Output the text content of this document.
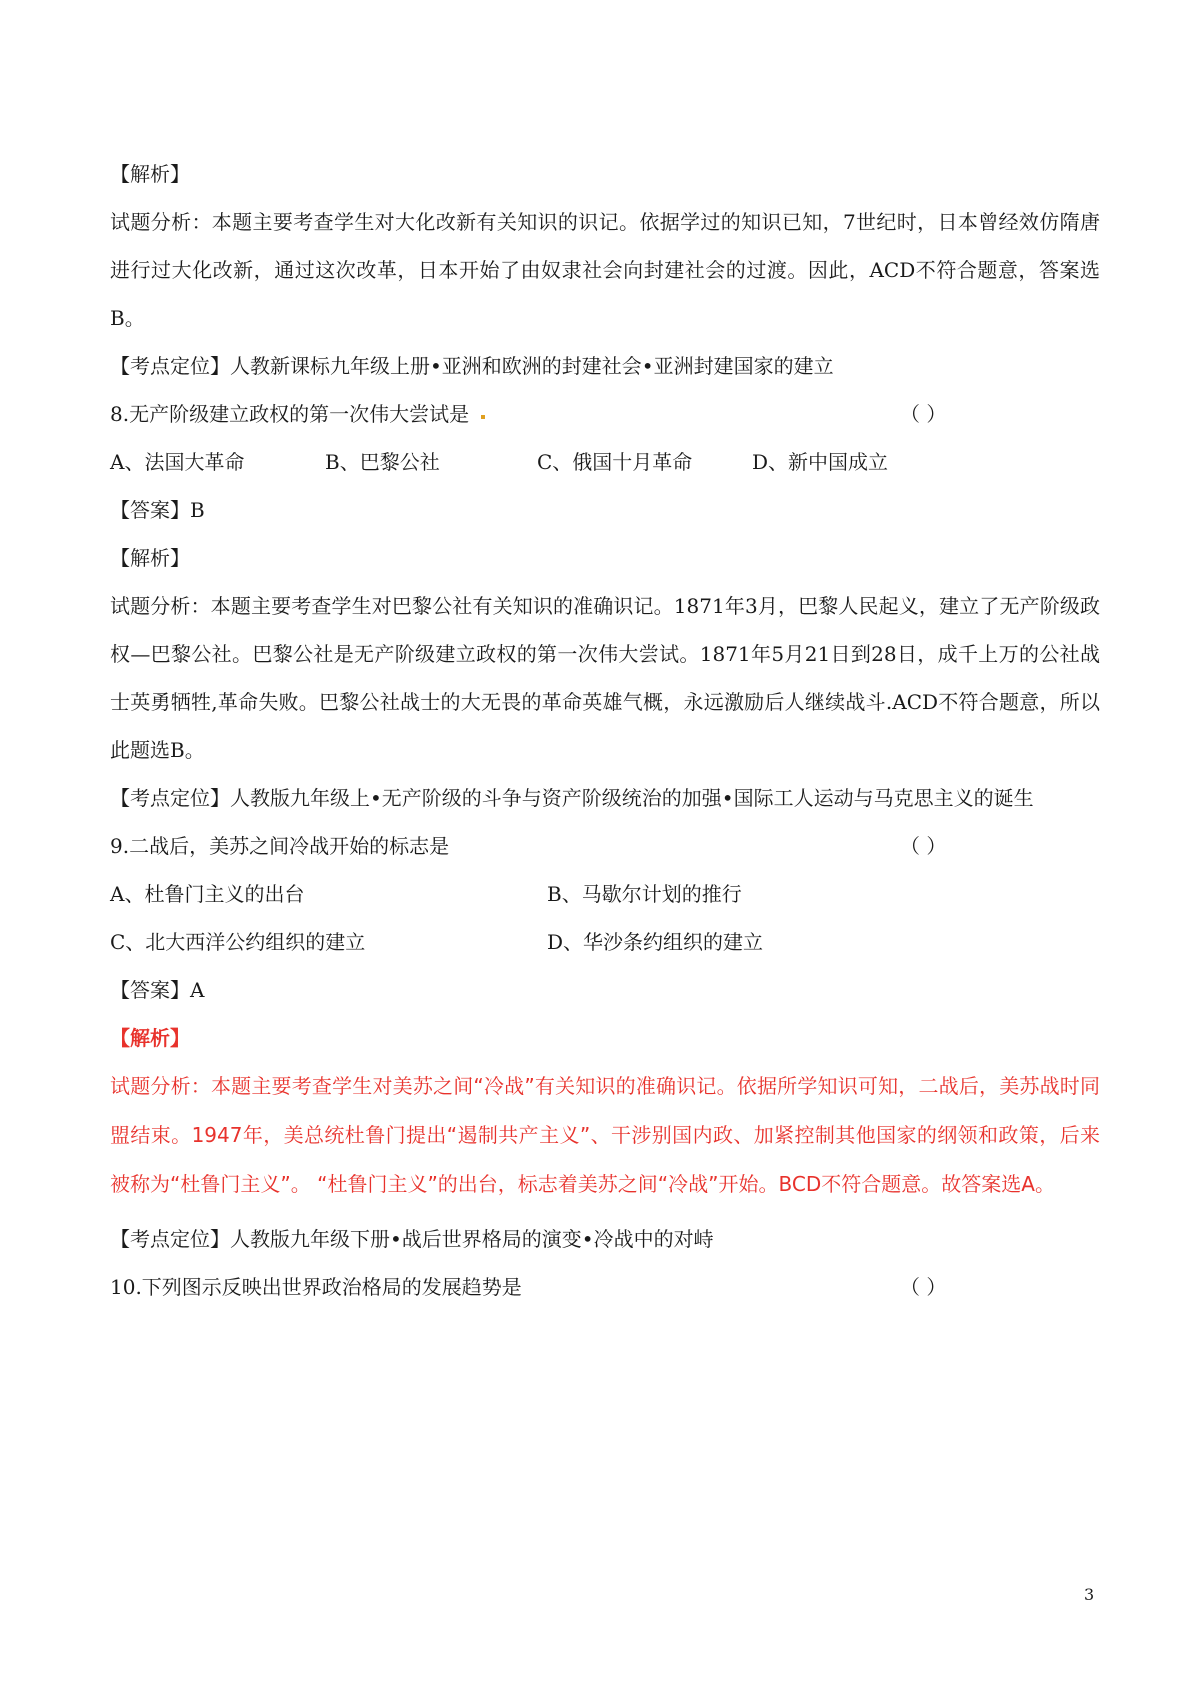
【解析】
试题分析：本题主要考查学生对大化改新有关知识的识记。依据学过的知识已知，7世纪时，日本曾经效仿隋唐进行过大化改新，通过这次改革，日本开始了由奴隶社会向封建社会的过渡。因此，ACD不符合题意，答案选B。
【考点定位】人教新课标九年级上册•亚洲和欧洲的封建社会•亚洲封建国家的建立
8.无产阶级建立政权的第一次伟大尝试是	（ ）
A、法国大革命	B、巴黎公社	C、俄国十月革命	D、新中国成立
【答案】B
【解析】
试题分析：本题主要考查学生对巴黎公社有关知识的准确识记。1871年3月，巴黎人民起义，建立了无产阶级政权—巴黎公社。巴黎公社是无产阶级建立政权的第一次伟大尝试。1871年5月21日到28日，成千上万的公社战士英勇牺牲,革命失败。巴黎公社战士的大无畏的革命英雄气概，永远激励后人继续战斗.ACD不符合题意，所以此题选B。
【考点定位】人教版九年级上•无产阶级的斗争与资产阶级统治的加强•国际工人运动与马克思主义的诞生
9.二战后，美苏之间冷战开始的标志是	（ ）
A、杜鲁门主义的出台	B、马歇尔计划的推行
C、北大西洋公约组织的建立	D、华沙条约组织的建立
【答案】A
【解析】
试题分析：本题主要考查学生对美苏之间“冷战”有关知识的准确识记。依据所学知识可知，二战后，美苏战时同盟结束。1947年，美总统杜鲁门提出“遏制共产主义”、干涉别国内政、加紧控制其他国家的纲领和政策，后来被称为“杜鲁门主义”。 “杜鲁门主义”的出台，标志着美苏之间“冷战”开始。BCD不符合题意。故答案选A。
【考点定位】人教版九年级下册•战后世界格局的演变•冷战中的对峙
10.下列图示反映出世界政治格局的发展趋势是	（ ）
3
